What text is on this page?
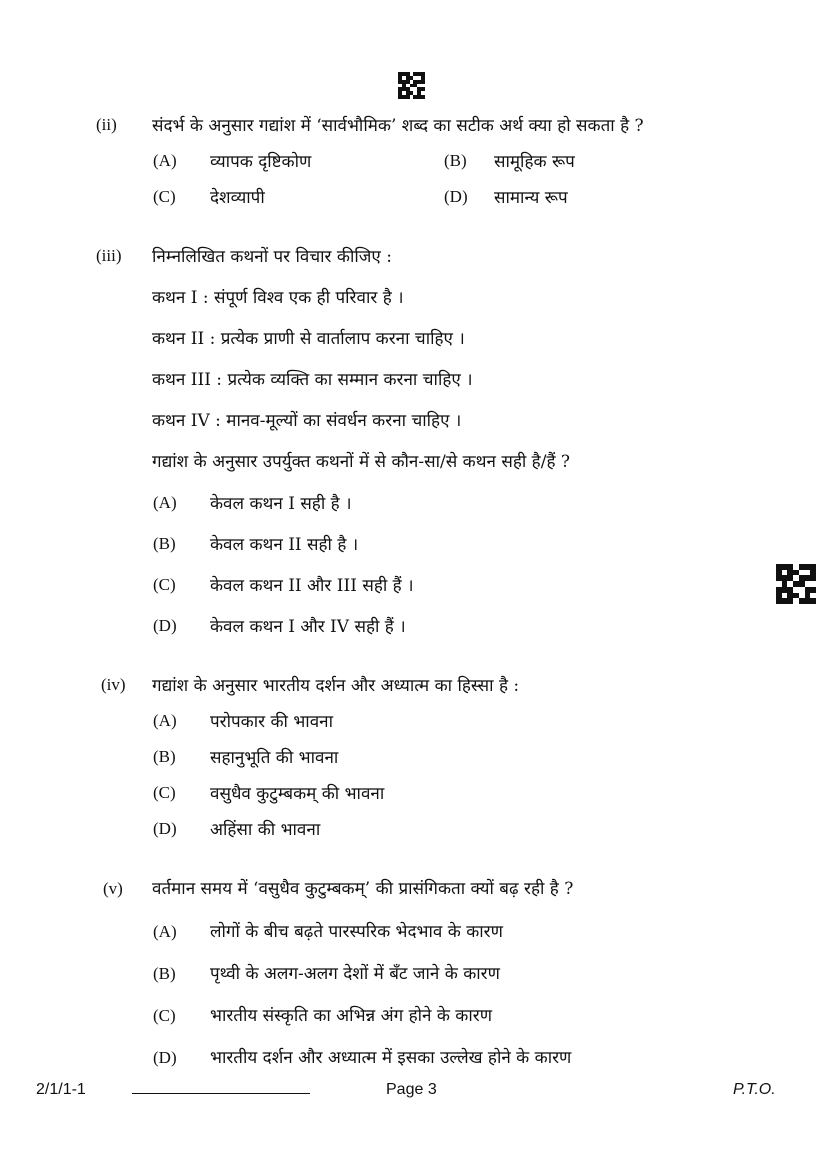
(ii) संदर्भ के अनुसार गद्यांश में ‘सार्वभौमिक’ शब्द का सटीक अर्थ क्या हो सकता है ?
(A) व्यापक दृष्टिकोण	(B) सामूहिक रूप
(C) देशव्यापी	(D) सामान्य रूप
(iii) निम्नलिखित कथनों पर विचार कीजिए :
कथन I : संपूर्ण विश्व एक ही परिवार है ।
कथन II : प्रत्येक प्राणी से वार्तालाप करना चाहिए ।
कथन III : प्रत्येक व्यक्ति का सम्मान करना चाहिए ।
कथन IV : मानव-मूल्यों का संवर्धन करना चाहिए ।
गद्यांश के अनुसार उपर्युक्त कथनों में से कौन-सा/से कथन सही है/हैं ?
(A) केवल कथन I सही है ।
(B) केवल कथन II सही है ।
(C) केवल कथन II और III सही हैं ।
(D) केवल कथन I और IV सही हैं ।
(iv) गद्यांश के अनुसार भारतीय दर्शन और अध्यात्म का हिस्सा है :
(A) परोपकार की भावना
(B) सहानुभूति की भावना
(C) वसुधैव कुटुम्बकम् की भावना
(D) अहिंसा की भावना
(v) वर्तमान समय में ‘वसुधैव कुटुम्बकम्’ की प्रासंगिकता क्यों बढ़ रही है ?
(A) लोगों के बीच बढ़ते पारस्परिक भेदभाव के कारण
(B) पृथ्वी के अलग-अलग देशों में बँट जाने के कारण
(C) भारतीय संस्कृति का अभिन्न अंग होने के कारण
(D) भारतीय दर्शन और अध्यात्म में इसका उल्लेख होने के कारण
2/1/1-1	Page 3	P.T.O.
